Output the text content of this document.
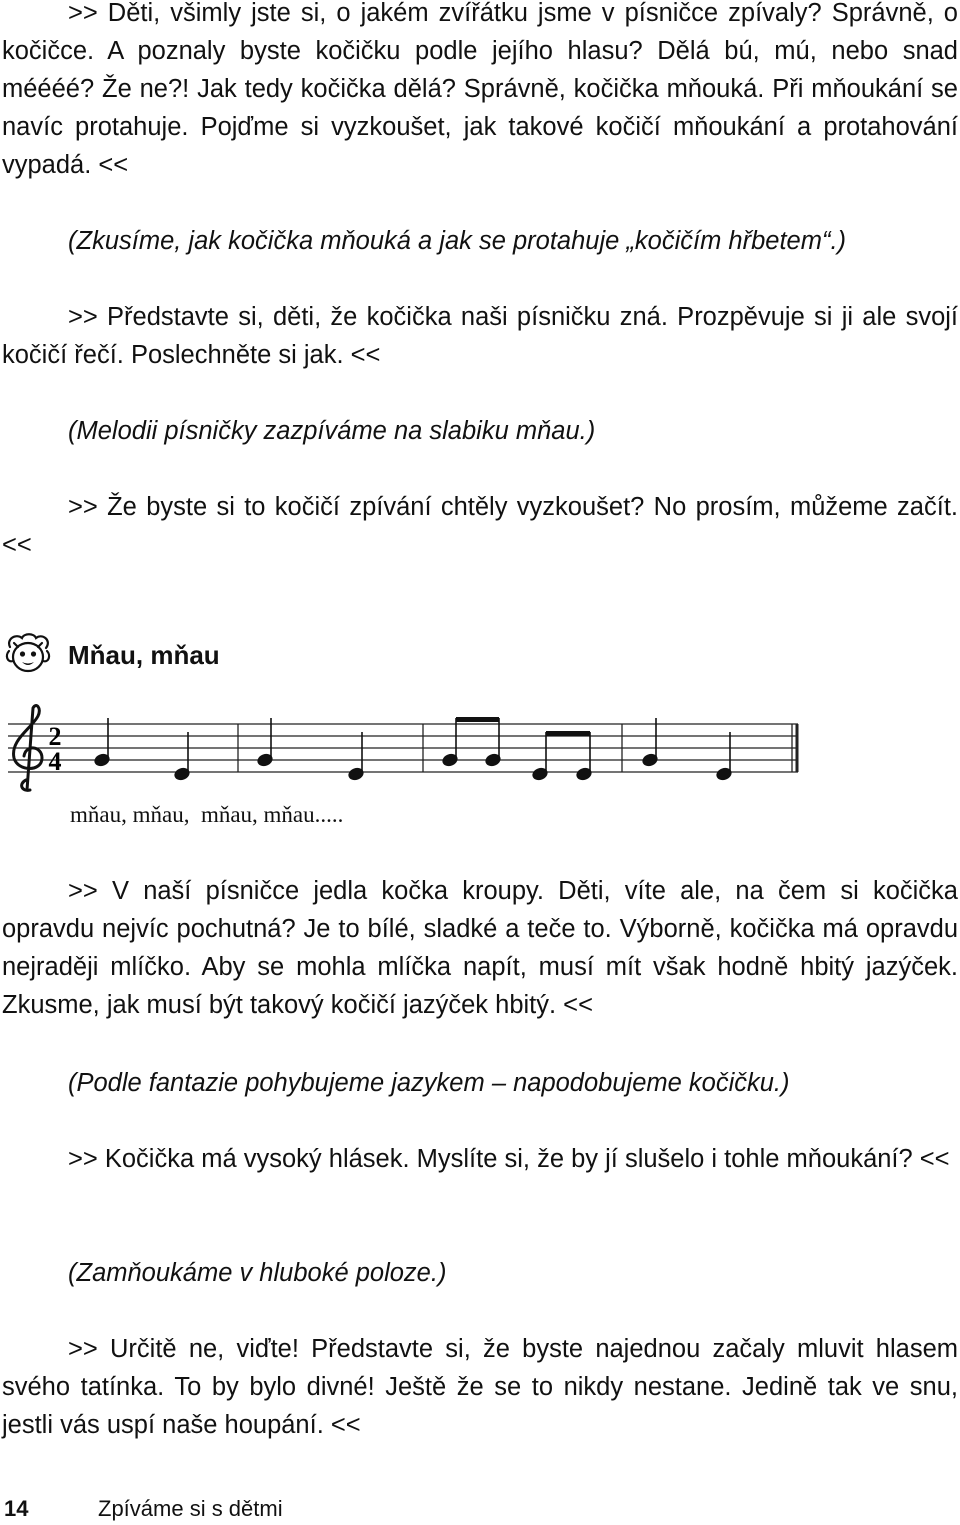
>> Děti, všimly jste si, o jakém zvířátku jsme v písničce zpívaly? Správně, o kočičce. A poznaly byste kočičku podle jejího hlasu? Dělá bú, mú, nebo snad méééé? Že ne?! Jak tedy kočička dělá? Správně, kočička mňouká. Při mňoukání se navíc protahuje. Pojďme si vyzkoušet, jak takové kočičí mňoukání a protahování vypadá. <<

(Zkusíme, jak kočička mňouká a jak se protahuje „kočičím hřbetem“.)

>> Představte si, děti, že kočička naši písničku zná. Prozpěvuje si ji ale svojí kočičí řečí. Poslechněte si jak. <<

(Melodii písničky zazpíváme na slabiku mňau.)

>> Že byste si to kočičí zpívání chtěly vyzkoušet? No prosím, můžeme začít. <<

Mňau, mňau
2
4
mňau, mňau,  mňau, mňau.....

>> V naší písničce jedla kočka kroupy. Děti, víte ale, na čem si kočička opravdu nejvíc pochutná? Je to bílé, sladké a teče to. Výborně, kočička má opravdu nejraději mlíčko. Aby se mohla mlíčka napít, musí mít však hodně hbitý jazýček. Zkusme, jak musí být takový kočičí jazýček hbitý. <<

(Podle fantazie pohybujeme jazykem – napodobujeme kočičku.)

>> Kočička má vysoký hlásek. Myslíte si, že by jí slušelo i tohle mňoukání? <<

(Zamňoukáme v hluboké poloze.)

>> Určitě ne, viďte! Představte si, že byste najednou začaly mluvit hlasem svého tatínka. To by bylo divné! Ještě že se to nikdy nestane. Jedině tak ve snu, jestli vás uspí naše houpání. <<

14	Zpíváme si s dětmi
